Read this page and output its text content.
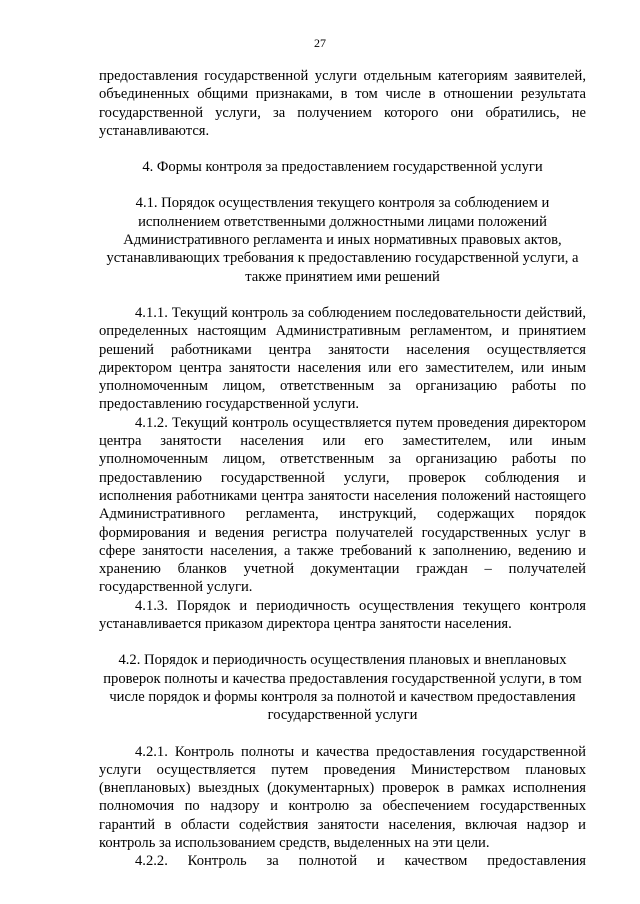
27

предоставления государственной услуги отдельным категориям заявителей, объединенных общими признаками, в том числе в отношении результата государственной услуги, за получением которого они обратились, не устанавливаются.

4. Формы контроля за предоставлением государственной услуги

4.1. Порядок осуществления текущего контроля за соблюдением и исполнением ответственными должностными лицами положений Административного регламента и иных нормативных правовых актов, устанавливающих требования к предоставлению государственной услуги, а также принятием ими решений

4.1.1. Текущий контроль за соблюдением последовательности действий, определенных настоящим Административным регламентом, и принятием решений работниками центра занятости населения осуществляется директором центра занятости населения или его заместителем, или иным уполномоченным лицом, ответственным за организацию работы по предоставлению государственной услуги.

4.1.2. Текущий контроль осуществляется путем проведения директором центра занятости населения или его заместителем, или иным уполномоченным лицом, ответственным за организацию работы по предоставлению государственной услуги, проверок соблюдения и исполнения работниками центра занятости населения положений настоящего Административного регламента, инструкций, содержащих порядок формирования и ведения регистра получателей государственных услуг в сфере занятости населения, а также требований к заполнению, ведению и хранению бланков учетной документации граждан – получателей государственной услуги.

4.1.3. Порядок и периодичность осуществления текущего контроля устанавливается приказом директора центра занятости населения.

4.2. Порядок и периодичность осуществления плановых и внеплановых проверок полноты и качества предоставления государственной услуги, в том числе порядок и формы контроля за полнотой и качеством предоставления государственной услуги

4.2.1. Контроль полноты и качества предоставления государственной услуги осуществляется путем проведения Министерством плановых (внеплановых) выездных (документарных) проверок в рамках исполнения полномочия по надзору и контролю за обеспечением государственных гарантий в области содействия занятости населения, включая надзор и контроль за использованием средств, выделенных на эти цели.

4.2.2. Контроль за полнотой и качеством предоставления
